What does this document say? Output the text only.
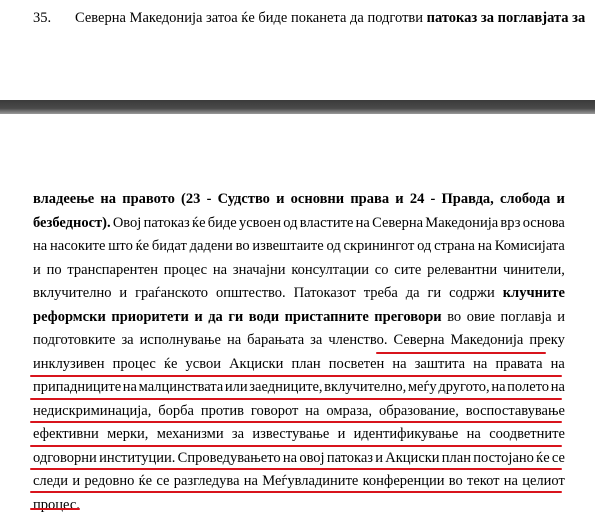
35. Северна Македонија затоа ќе биде поканета да подготви патоказ за поглавјата за
владеење на правото (23 - Судство и основни права и 24 - Правда, слобода и
безбедност). Овој патоказ ќе биде усвоен од властите на Северна Македонија врз основа
на насоките што ќе бидат дадени во извештаите од скринингот од страна на Комисијата
и по транспарентен процес на значајни консултации со сите релевантни чинители,
вклучително и граѓанското општество. Патоказот треба да ги содржи клучните
реформски приоритети и да ги води пристапните преговори во овие поглавја и
подготовките за исполнување на барањата за членство. Северна Македонија преку
инклузивен процес ќе усвои Акциски план посветен на заштита на правата на
припадниците на малцинствата или заедниците, вклучително, меѓу другото, на полето на
недискриминација, борба против говорот на омраза, образование, воспоставување
ефективни мерки, механизми за известување и идентификување на соодветните
одговорни институции. Спроведувањето на овој патоказ и Акциски план постојано ќе се
следи и редовно ќе се разгледува на Меѓувладините конференции во текот на целиот
процес.
